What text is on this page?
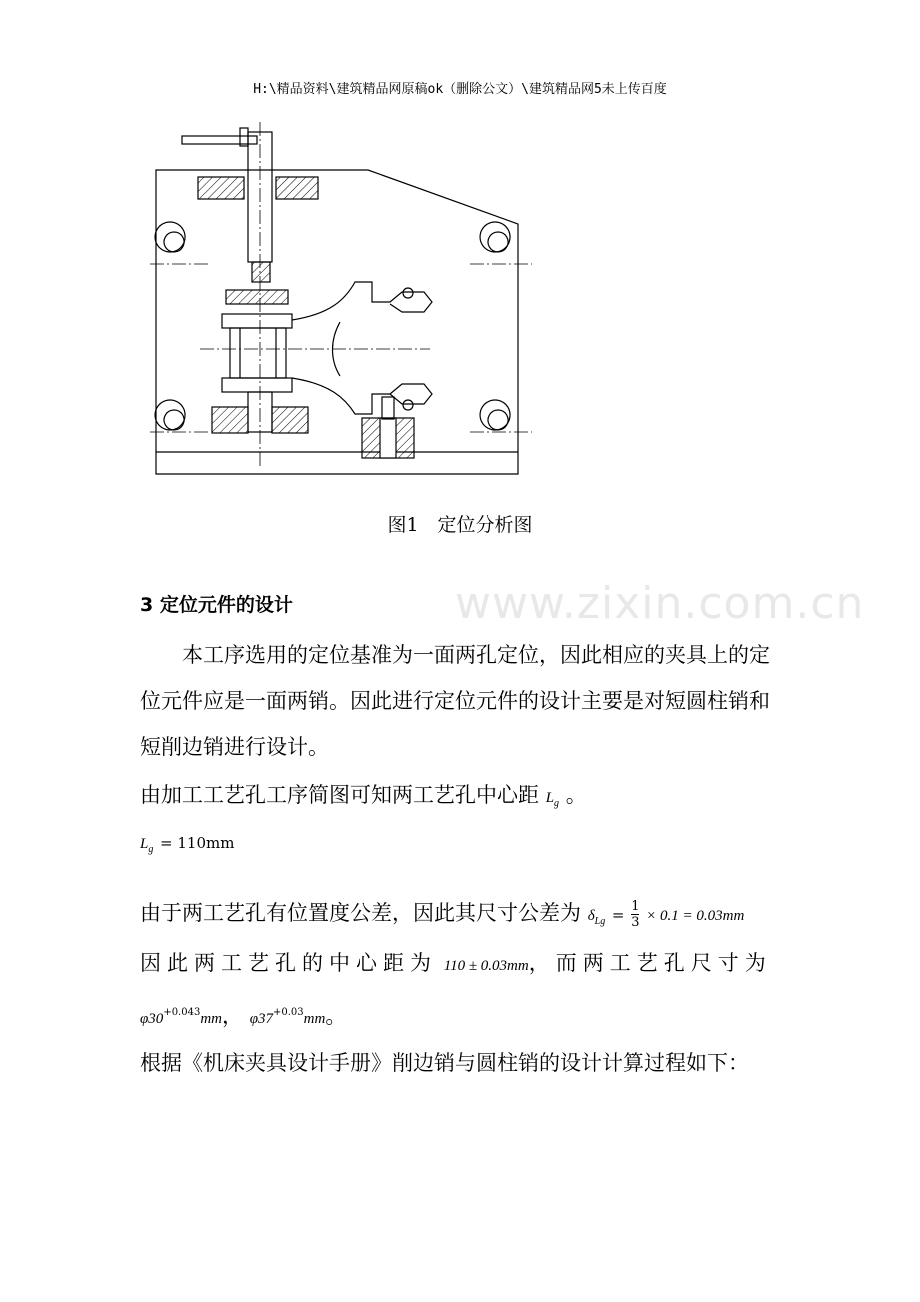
H:\精品资料\建筑精品网原稿ok（删除公文）\建筑精品网5未上传百度
图1　定位分析图
www.zixin.com.cn
3 定位元件的设计
本工序选用的定位基准为一面两孔定位，因此相应的夹具上的定位元件应是一面两销。因此进行定位元件的设计主要是对短圆柱销和短削边销进行设计。
由加工工艺孔工序简图可知两工艺孔中心距 $L_g$ 。
$L_g = 110mm$
由于两工艺孔有位置度公差，因此其尺寸公差为 $\delta_{Lg} = \frac{1}{3} \times 0.1 = 0.03mm$
因此两工艺孔的中心距为 110 ± 0.03mm，而两工艺孔尺寸为
$\varphi 30^{+0.043}mm$， $\varphi 37^{+0.03}mm$。
根据《机床夹具设计手册》削边销与圆柱销的设计计算过程如下：
